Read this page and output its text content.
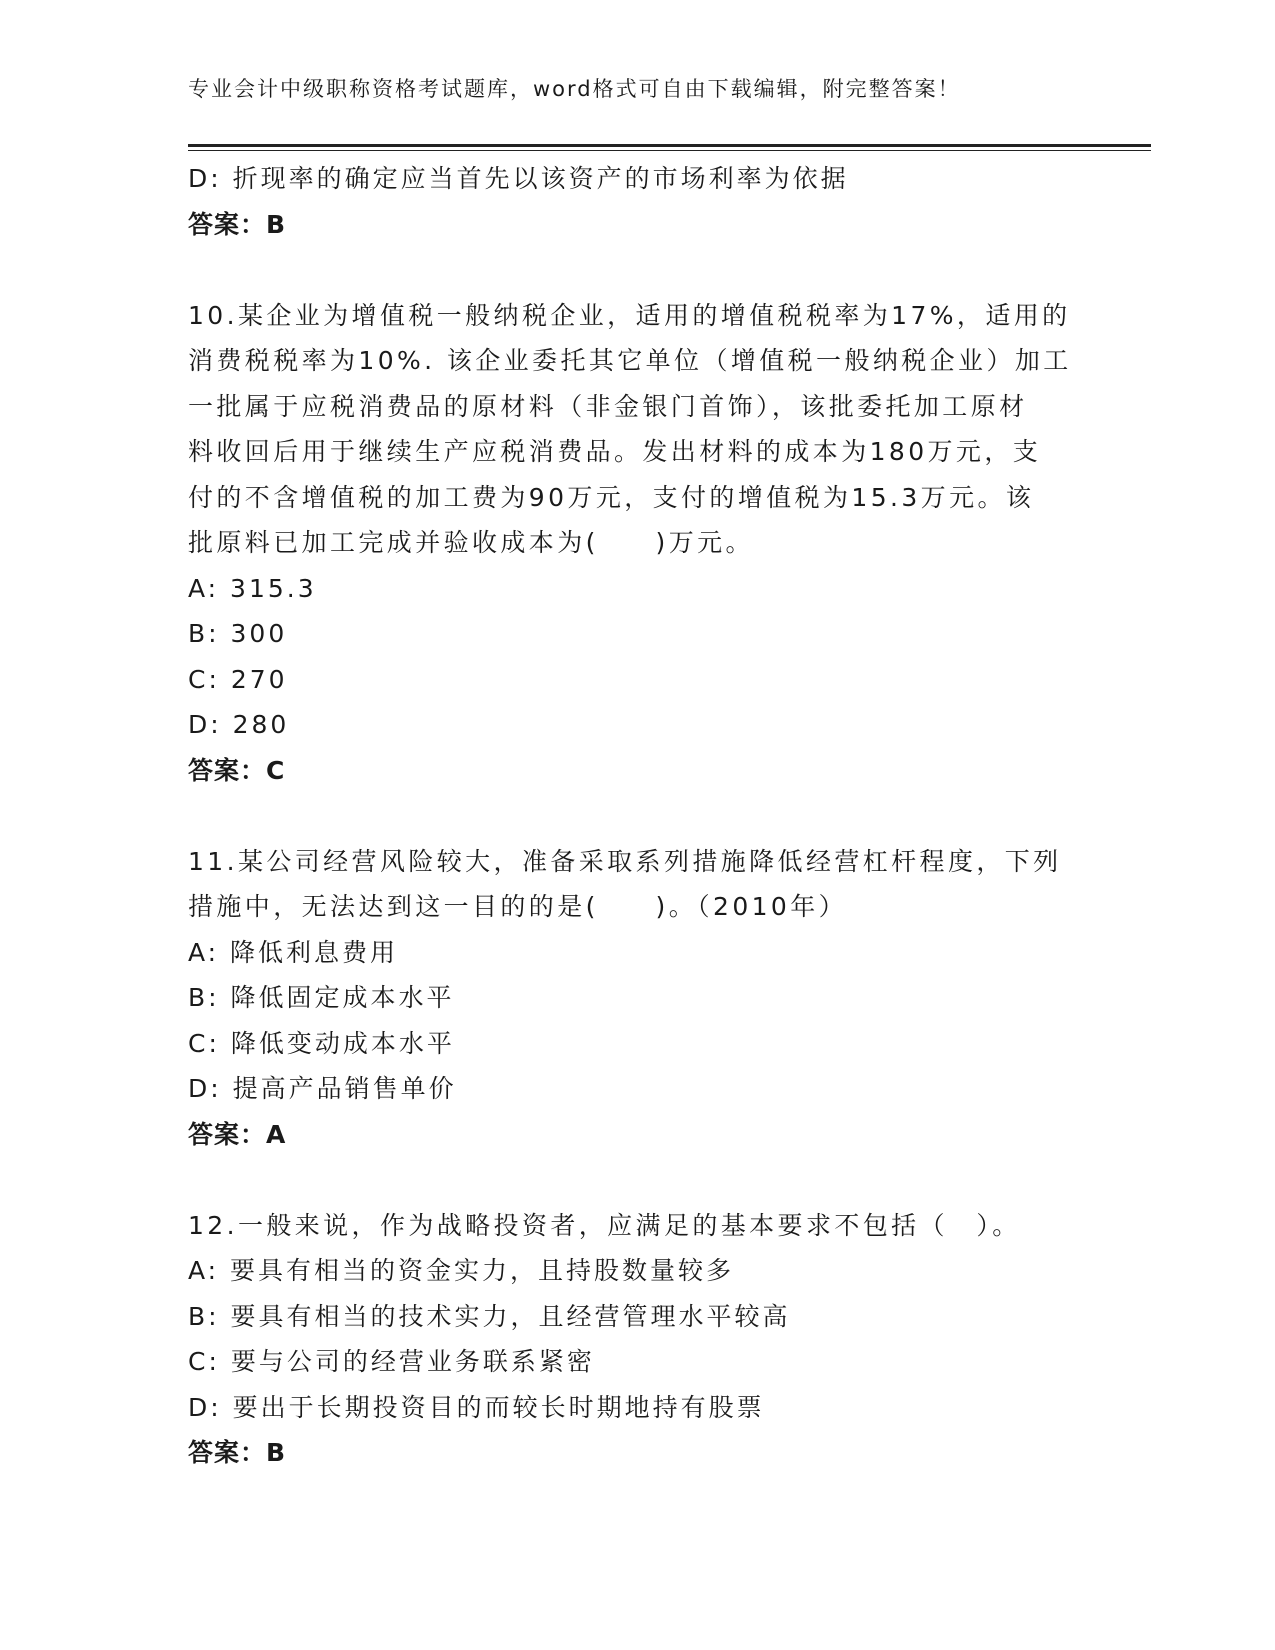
专业会计中级职称资格考试题库，word格式可自由下载编辑，附完整答案！
D: 折现率的确定应当首先以该资产的市场利率为依据
答案：B
10.某企业为增值税一般纳税企业，适用的增值税税率为17%，适用的
消费税税率为10%. 该企业委托其它单位（增值税一般纳税企业）加工
一批属于应税消费品的原材料（非金银门首饰），该批委托加工原材
料收回后用于继续生产应税消费品。发出材料的成本为180万元，支
付的不含增值税的加工费为90万元，支付的增值税为15.3万元。该
批原料已加工完成并验收成本为(　　)万元。
A: 315.3
B: 300
C: 270
D: 280
答案：C
11.某公司经营风险较大，准备采取系列措施降低经营杠杆程度，下列
措施中，无法达到这一目的的是(　　)。（2010年）
A: 降低利息费用
B: 降低固定成本水平
C: 降低变动成本水平
D: 提高产品销售单价
答案：A
12.一般来说，作为战略投资者，应满足的基本要求不包括（　）。
A: 要具有相当的资金实力，且持股数量较多
B: 要具有相当的技术实力，且经营管理水平较高
C: 要与公司的经营业务联系紧密
D: 要出于长期投资目的而较长时期地持有股票
答案：B
